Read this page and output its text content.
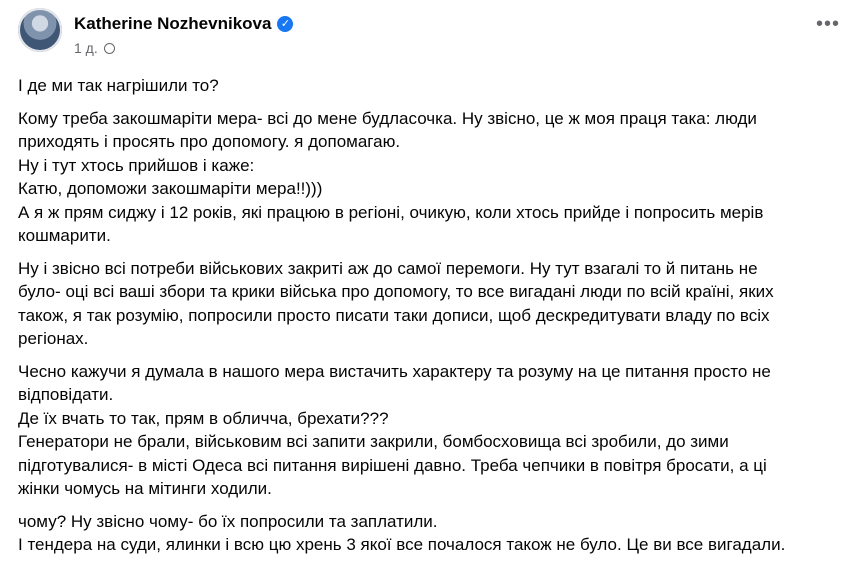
Katherine Nozhevnikova ✓
1 д.
•••
І де ми так нагрішили то?
Кому треба закошмаріти мера- всі до мене будласочка. Ну звісно, це ж моя праця така: люди
приходять і просять про допомогу. я допомагаю.
Ну і тут хтось прийшов і каже:
Катю, допоможи закошмаріти мера!!)))
А я ж прям сиджу і 12 років, які працюю в регіоні, очикую, коли хтось прийде і попросить мерів
кошмарити.
Ну і звісно всі потреби військових закриті аж до самої перемоги. Ну тут взагалі то й питань не
було- оці всі ваші збори та крики війська про допомогу, то все вигадані люди по всій країні, яких
також, я так розумію, попросили просто писати таки дописи, щоб дескредитувати владу по всіх
регіонах.
Чесно кажучи я думала в нашого мера вистачить характеру та розуму на це питання просто не
відповідати.
Де їх вчать то так, прям в обличча, брехати???
Генератори не брали, військовим всі запити закрили, бомбосховища всі зробили, до зими
підготувалися- в місті Одеса всі питання вирішені давно. Треба чепчики в повітря бросати, а ці
жінки чомусь на мітинги ходили.
чому? Ну звісно чому- бо їх попросили та заплатили.
І тендера на суди, ялинки і всю цю хрень 3 якої все почалося також не було. Це ви все вигадали.
